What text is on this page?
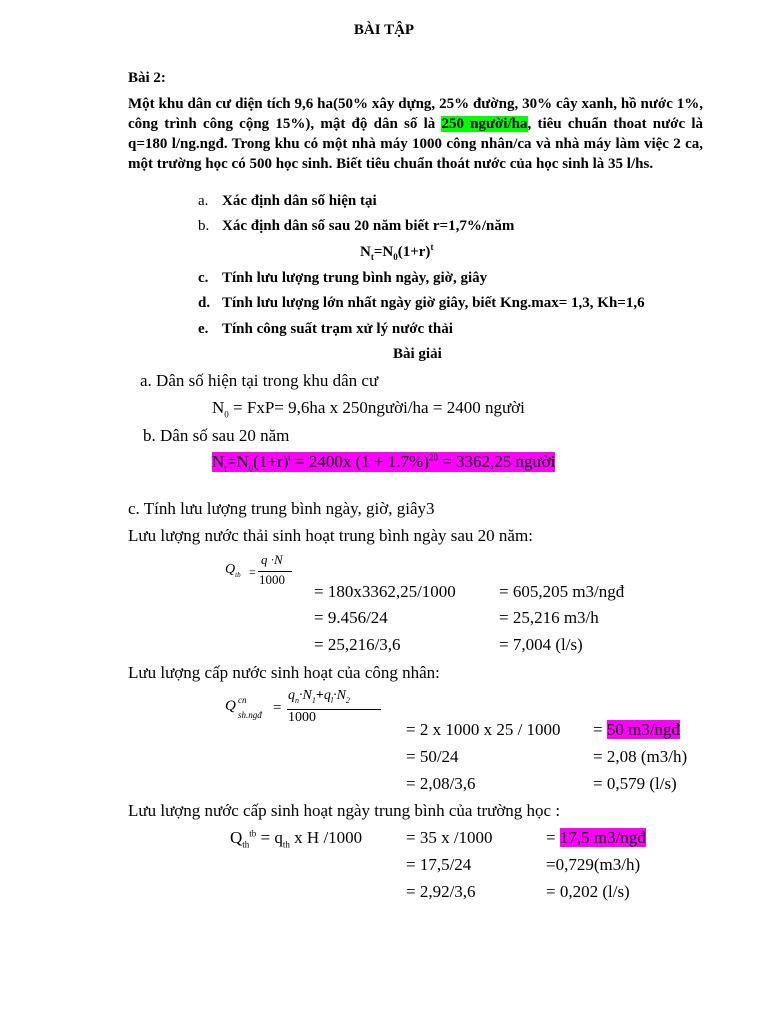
BÀI TẬP
Bài 2:
Một khu dân cư diện tích 9,6 ha(50% xây dựng, 25% đường, 30% cây xanh, hồ nước 1%, công trình công cộng 15%), mật độ dân số là 250 người/ha, tiêu chuẩn thoat nước là q=180 l/ng.ngđ. Trong khu có một nhà máy 1000 công nhân/ca và nhà máy làm việc 2 ca, một trường học có 500 học sinh. Biết tiêu chuẩn thoát nước của học sinh là 35 l/hs.
a. Xác định dân số hiện tại
b. Xác định dân số sau 20 năm biết r=1,7%/năm
$N_t=N_0(1+r)^t$
c. Tính lưu lượng trung bình ngày, giờ, giây
d. Tính lưu lượng lớn nhất ngày giờ giây, biết Kng.max= 1,3, Kh=1,6
e. Tính công suất trạm xử lý nước thải
Bài giải
a. Dân số hiện tại trong khu dân cư
$N_0 = FxP= 9,6ha$ x 250người/ha = 2400 người
b. Dân số sau 20 năm
$N_t=N_0(1+r)^t = 2400x$ $(1 + 1.7\%)^{20} = 3362,25$ người
c. Tính lưu lượng trung bình ngày, giờ, giây3
Lưu lượng nước thải sinh hoạt trung bình ngày sau 20 năm:
$Q_{tb}$ =
q ·N
1000
= 180x3362,25/1000	= 605,205 m3/ngđ
= 9.456/24	= 25,216 m3/h
= 25,216/3,6	= 7,004 (l/s)
Lưu lượng cấp nước sinh hoạt của công nhân:
Q cn
sh.ngđ =
$q_n\cdot N_1+q_l\cdot N_2$
1000
= 2 x 1000 x 25 / 1000 = 50 m3/ngđ
= 50/24	= 2,08 (m3/h)
= 2,08/3,6	= 0,579 (l/s)
Lưu lượng nước cấp sinh hoạt ngày trung bình của trường học :
$Q_{th}^{tb} = q_{th}$ x H /1000	= 35 x /1000	= 17,5 m3/ngđ
= 17,5/24	=0,729(m3/h)
= 2,92/3,6	= 0,202 (l/s)
